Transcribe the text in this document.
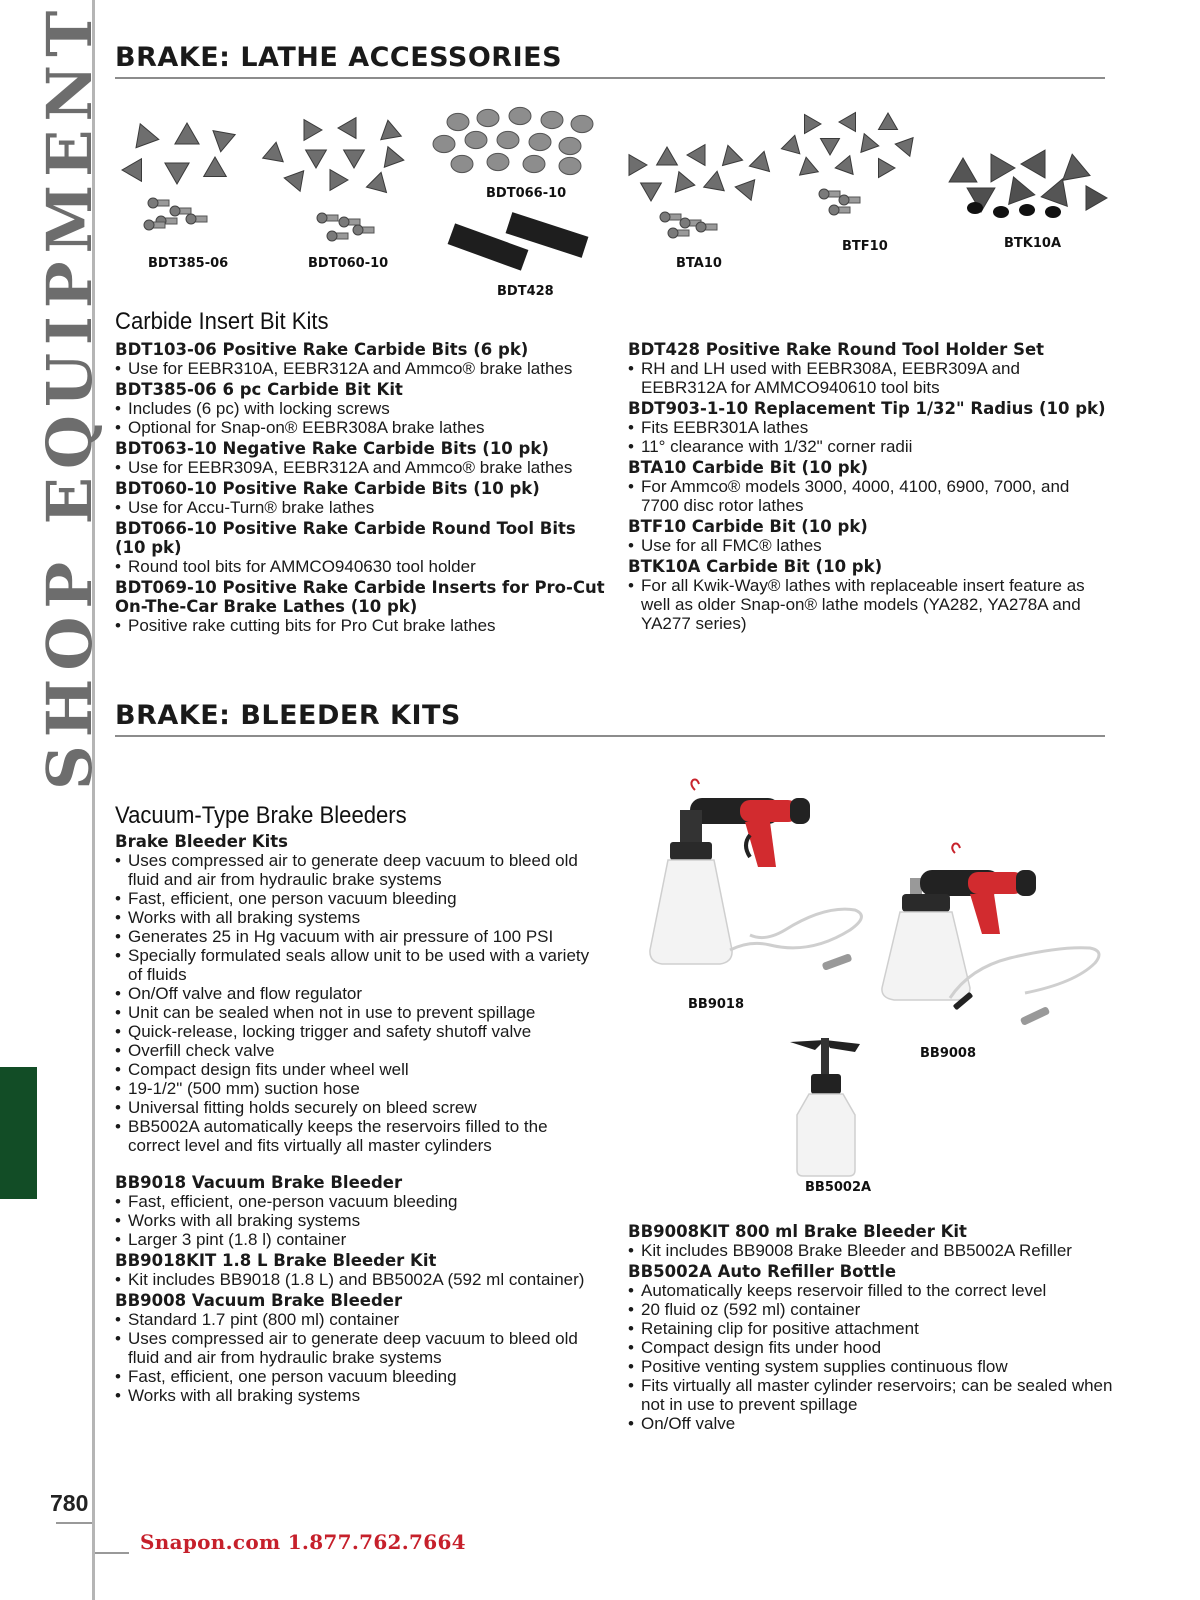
SHOP EQUIPMENT
780
Snapon.com 1.877.762.7664
BRAKE: LATHE ACCESSORIES
BDT385-06	BDT060-10
BDT066-10
BDT428
BTA10
BTF10	BTK10A
Carbide Insert Bit Kits
BDT103-06 Positive Rake Carbide Bits (6 pk)
• Use for EEBR310A, EEBR312A and Ammco® brake lathes
BDT385-06 6 pc Carbide Bit Kit
• Includes (6 pc) with locking screws
• Optional for Snap-on® EEBR308A brake lathes
BDT063-10 Negative Rake Carbide Bits (10 pk)
• Use for EEBR309A, EEBR312A and Ammco® brake lathes
BDT060-10 Positive Rake Carbide Bits (10 pk)
• Use for Accu-Turn® brake lathes
BDT066-10 Positive Rake Carbide Round Tool Bits (10 pk)
• Round tool bits for AMMCO940630 tool holder
BDT069-10 Positive Rake Carbide Inserts for Pro-Cut On-The-Car Brake Lathes (10 pk)
• Positive rake cutting bits for Pro Cut brake lathes
BDT428 Positive Rake Round Tool Holder Set
• RH and LH used with EEBR308A, EEBR309A and EEBR312A for AMMCO940610 tool bits
BDT903-1-10 Replacement Tip 1/32" Radius (10 pk)
• Fits EEBR301A lathes
• 11° clearance with 1/32" corner radii
BTA10 Carbide Bit (10 pk)
• For Ammco® models 3000, 4000, 4100, 6900, 7000, and 7700 disc rotor lathes
BTF10 Carbide Bit (10 pk)
• Use for all FMC® lathes
BTK10A Carbide Bit (10 pk)
• For all Kwik-Way® lathes with replaceable insert feature as well as older Snap-on® lathe models (YA282, YA278A and YA277 series)
BRAKE: BLEEDER KITS
Vacuum-Type Brake Bleeders
Brake Bleeder Kits
• Uses compressed air to generate deep vacuum to bleed old fluid and air from hydraulic brake systems
• Fast, efficient, one person vacuum bleeding
• Works with all braking systems
• Generates 25 in Hg vacuum with air pressure of 100 PSI
• Specially formulated seals allow unit to be used with a variety of fluids
• On/Off valve and flow regulator
• Unit can be sealed when not in use to prevent spillage
• Quick-release, locking trigger and safety shutoff valve
• Overfill check valve
• Compact design fits under wheel well
• 19-1/2" (500 mm) suction hose
• Universal fitting holds securely on bleed screw
• BB5002A automatically keeps the reservoirs filled to the correct level and fits virtually all master cylinders
BB9018 Vacuum Brake Bleeder
• Fast, efficient, one-person vacuum bleeding
• Works with all braking systems
• Larger 3 pint (1.8 l) container
BB9018KIT 1.8 L Brake Bleeder Kit
• Kit includes BB9018 (1.8 L) and BB5002A (592 ml container)
BB9008 Vacuum Brake Bleeder
• Standard 1.7 pint (800 ml) container
• Uses compressed air to generate deep vacuum to bleed old fluid and air from hydraulic brake systems
• Fast, efficient, one person vacuum bleeding
• Works with all braking systems
BB9018
BB9008
BB5002A
BB9008KIT 800 ml Brake Bleeder Kit
• Kit includes BB9008 Brake Bleeder and BB5002A Refiller
BB5002A Auto Refiller Bottle
• Automatically keeps reservoir filled to the correct level
• 20 fluid oz (592 ml) container
• Retaining clip for positive attachment
• Compact design fits under hood
• Positive venting system supplies continuous flow
• Fits virtually all master cylinder reservoirs; can be sealed when not in use to prevent spillage
• On/Off valve
